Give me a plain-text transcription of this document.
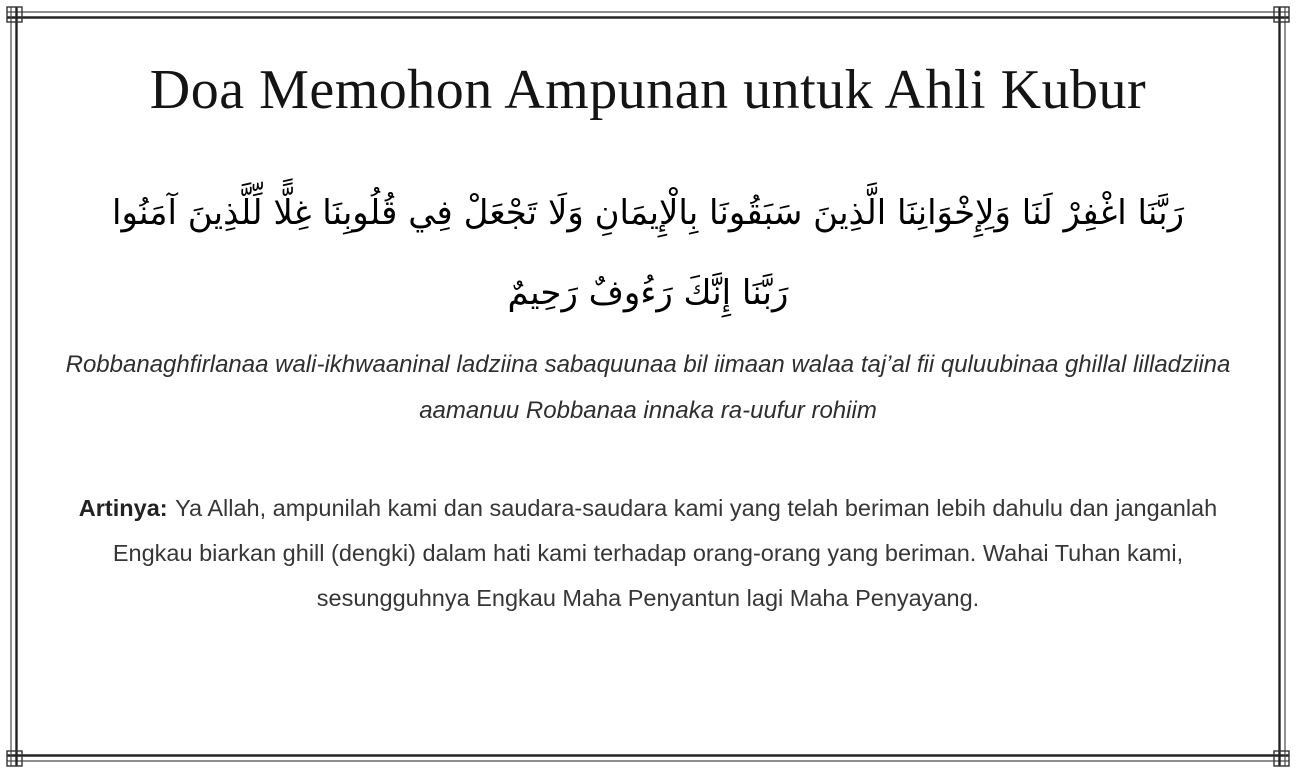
Doa Memohon Ampunan untuk Ahli Kubur
رَبَّنَا اغْفِرْ لَنَا وَلِإِخْوَانِنَا الَّذِينَ سَبَقُونَا بِالْإِيمَانِ وَلَا تَجْعَلْ فِي قُلُوبِنَا غِلًّا لِّلَّذِينَ آمَنُوا
رَبَّنَا إِنَّكَ رَءُوفٌ رَحِيمٌ

Robbanaghfirlanaa wali-ikhwaaninal ladziina sabaquunaa bil iimaan walaa taj’al fii quluubinaa ghillal lilladziina aamanuu Robbanaa innaka ra-uufur rohiim

Artinya: Ya Allah, ampunilah kami dan saudara-saudara kami yang telah beriman lebih dahulu dan janganlah Engkau biarkan ghill (dengki) dalam hati kami terhadap orang-orang yang beriman. Wahai Tuhan kami, sesungguhnya Engkau Maha Penyantun lagi Maha Penyayang.
